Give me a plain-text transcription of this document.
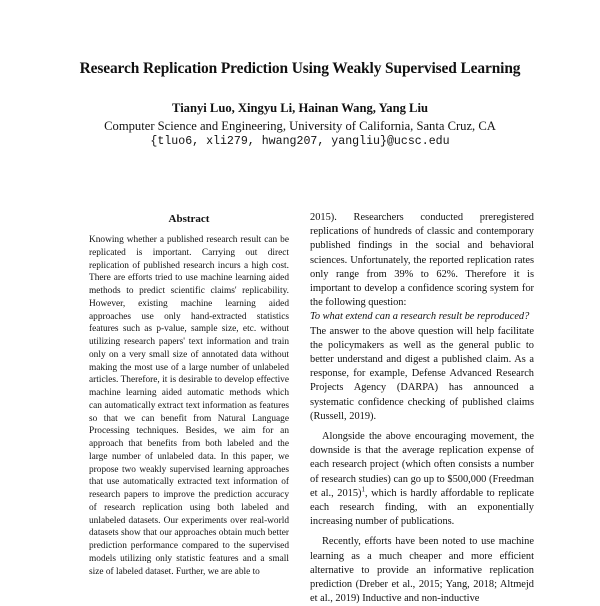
Research Replication Prediction Using Weakly Supervised Learning
Tianyi Luo, Xingyu Li, Hainan Wang, Yang Liu
Computer Science and Engineering, University of California, Santa Cruz, CA
{tluo6, xli279, hwang207, yangliu}@ucsc.edu
Abstract

Knowing whether a published research result can be replicated is important. Carrying out direct replication of published research incurs a high cost. There are efforts tried to use machine learning aided methods to predict scientific claims' replicability. However, existing machine learning aided approaches use only hand-extracted statistics features such as p-value, sample size, etc. without utilizing research papers' text information and train only on a very small size of annotated data without making the most use of a large number of unlabeled articles. Therefore, it is desirable to develop effective machine learning aided automatic methods which can automatically extract text information as features so that we can benefit from Natural Language Processing techniques. Besides, we aim for an approach that benefits from both labeled and the large number of unlabeled data. In this paper, we propose two weakly supervised learning approaches that use automatically extracted text information of research papers to improve the prediction accuracy of research replication using both labeled and unlabeled datasets. Our experiments over real-world datasets show that our approaches obtain much better prediction performance compared to the supervised models utilizing only statistic features and a small size of labeled dataset. Further, we are able to

2015). Researchers conducted preregistered replications of hundreds of classic and contemporary published findings in the social and behavioral sciences. Unfortunately, the reported replication rates only range from 39% to 62%. Therefore it is important to develop a confidence scoring system for the following question:

To what extend can a research result be reproduced?

The answer to the above question will help facilitate the policymakers as well as the general public to better understand and digest a published claim. As a response, for example, Defense Advanced Research Projects Agency (DARPA) has announced a systematic confidence checking of published claims (Russell, 2019).

Alongside the above encouraging movement, the downside is that the average replication expense of each research project (which often consists a number of research studies) can go up to $500,000 (Freedman et al., 2015)$^1$, which is hardly affordable to replicate each research finding, with an exponentially increasing number of publications.

Recently, efforts have been noted to use machine learning as a much cheaper and more efficient alternative to provide an informative replication prediction (Dreber et al., 2015; Yang, 2018; Altmejd et al., 2019) Inductive and non-inductive
